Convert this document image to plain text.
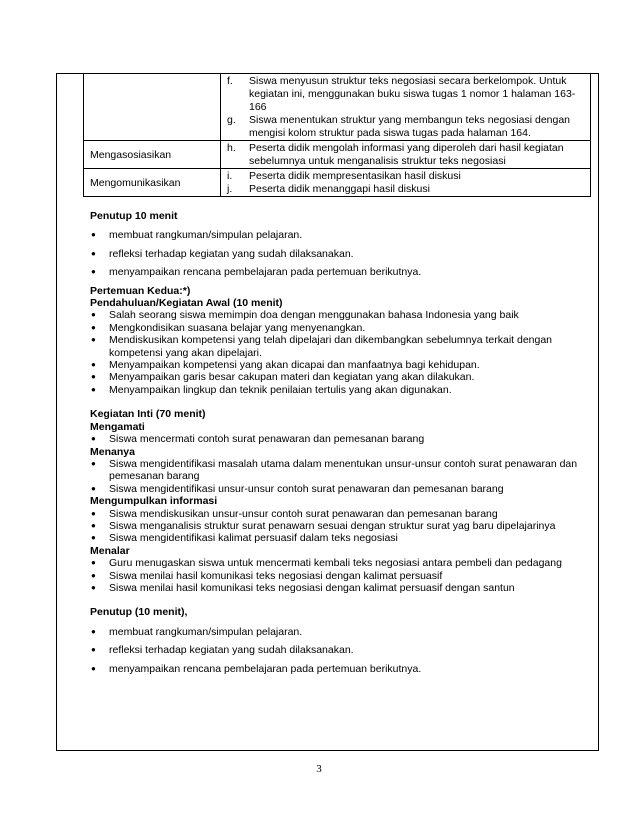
	f. Siswa menyusun struktur teks negosiasi secara berkelompok. Untuk kegiatan ini, menggunakan buku siswa tugas 1 nomor 1 halaman 163-166
g. Siswa menentukan struktur yang membangun teks negosiasi dengan mengisi kolom struktur pada siswa tugas pada halaman 164.

Mengasosiasikan	h. Peserta didik mengolah informasi yang diperoleh dari hasil kegiatan sebelumnya untuk menganalisis struktur teks negosiasi

Mengomunikasikan	i. Peserta didik mempresentasikan hasil diskusi
j. Peserta didik menanggapi hasil diskusi
Penutup 10 menit
●	membuat rangkuman/simpulan pelajaran.
●	refleksi terhadap kegiatan yang sudah dilaksanakan.
●	menyampaikan rencana pembelajaran pada pertemuan berikutnya.
Pertemuan Kedua:*)
Pendahuluan/Kegiatan Awal (10 menit)
●	Salah seorang siswa memimpin doa dengan menggunakan bahasa Indonesia yang baik
●	Mengkondisikan suasana belajar yang menyenangkan.
●	Mendiskusikan kompetensi yang telah dipelajari dan dikembangkan sebelumnya terkait dengan kompetensi yang akan dipelajari.
●	Menyampaikan kompetensi yang akan dicapai dan manfaatnya bagi kehidupan.
●	Menyampaikan garis besar cakupan materi dan kegiatan yang akan dilakukan.
●	Menyampaikan lingkup dan teknik penilaian tertulis yang akan digunakan.
Kegiatan Inti (70 menit)
Mengamati
●	Siswa mencermati contoh surat penawaran dan pemesanan barang
Menanya
●	Siswa mengidentifikasi masalah utama dalam menentukan unsur-unsur contoh surat penawaran dan pemesanan barang
●	Siswa mengidentifikasi unsur-unsur contoh surat penawaran dan pemesanan barang
Mengumpulkan informasi
●	Siswa mendiskusikan unsur-unsur contoh surat penawaran dan pemesanan barang
●	Siswa menganalisis struktur surat penawarn sesuai dengan struktur surat yag baru dipelajarinya
●	Siswa mengidentifikasi kalimat persuasif dalam teks negosiasi
Menalar
●	Guru menugaskan siswa untuk mencermati kembali teks negosiasi antara pembeli dan pedagang
●	Siswa menilai hasil komunikasi teks negosiasi dengan kalimat persuasif
●	Siswa menilai hasil komunikasi teks negosiasi dengan kalimat persuasif dengan santun
Penutup (10 menit),
●	membuat rangkuman/simpulan pelajaran.
●	refleksi terhadap kegiatan yang sudah dilaksanakan.
●	menyampaikan rencana pembelajaran pada pertemuan berikutnya.
3
